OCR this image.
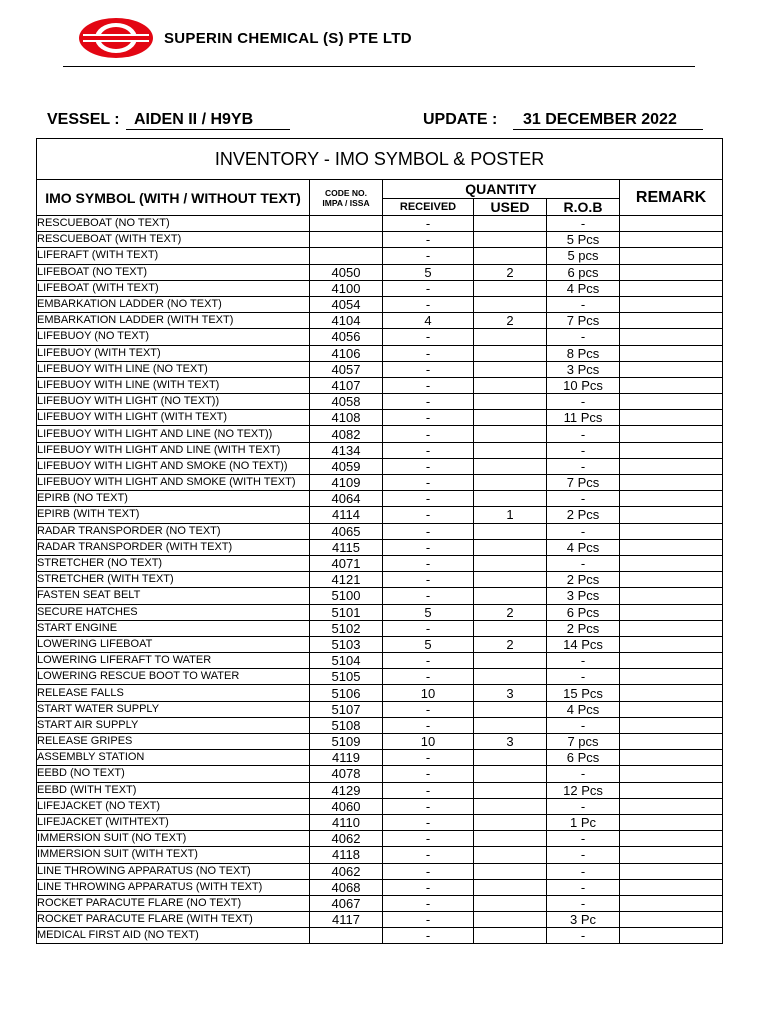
SUPERIN CHEMICAL (S) PTE LTD
VESSEL : AIDEN II / H9YB	UPDATE :	31 DECEMBER 2022
INVENTORY - IMO SYMBOL & POSTER					
IMO SYMBOL (WITH / WITHOUT TEXT)	CODE NO.
IMPA / ISSA	QUANTITY			REMARK
		RECEIVED	USED	R.O.B	
RESCUEBOAT (NO TEXT)		-		-	
RESCUEBOAT (WITH TEXT)		-		5 Pcs	
LIFERAFT (WITH TEXT)		-		5 pcs	
LIFEBOAT (NO TEXT)	4050	5	2	6 pcs	
LIFEBOAT (WITH TEXT)	4100	-		4 Pcs	
EMBARKATION LADDER (NO TEXT)	4054	-		-	
EMBARKATION LADDER (WITH TEXT)	4104	4	2	7 Pcs	
LIFEBUOY (NO TEXT)	4056	-		-	
LIFEBUOY (WITH TEXT)	4106	-		8 Pcs	
LIFEBUOY WITH LINE (NO TEXT)	4057	-		3 Pcs	
LIFEBUOY WITH LINE (WITH TEXT)	4107	-		10 Pcs	
LIFEBUOY WITH LIGHT (NO TEXT))	4058	-		-	
LIFEBUOY WITH LIGHT (WITH TEXT)	4108	-		11 Pcs	
LIFEBUOY WITH LIGHT AND LINE (NO TEXT))	4082	-		-	
LIFEBUOY WITH LIGHT AND LINE (WITH TEXT)	4134	-		-	
LIFEBUOY WITH LIGHT AND SMOKE (NO TEXT))	4059	-		-	
LIFEBUOY WITH LIGHT AND SMOKE (WITH TEXT)	4109	-		7 Pcs	
EPIRB (NO TEXT)	4064	-		-	
EPIRB (WITH TEXT)	4114	-	1	2 Pcs	
RADAR TRANSPORDER (NO TEXT)	4065	-		-	
RADAR TRANSPORDER (WITH TEXT)	4115	-		4 Pcs	
STRETCHER (NO TEXT)	4071	-		-	
STRETCHER (WITH TEXT)	4121	-		2 Pcs	
FASTEN SEAT BELT	5100	-		3 Pcs	
SECURE HATCHES	5101	5	2	6 Pcs	
START ENGINE	5102	-		2 Pcs	
LOWERING LIFEBOAT	5103	5	2	14 Pcs	
LOWERING LIFERAFT TO WATER	5104	-		-	
LOWERING RESCUE BOOT TO WATER	5105	-		-	
RELEASE FALLS	5106	10	3	15 Pcs	
START WATER SUPPLY	5107	-		4 Pcs	
START AIR SUPPLY	5108	-		-	
RELEASE GRIPES	5109	10	3	7 pcs	
ASSEMBLY STATION	4119	-		6 Pcs	
EEBD (NO TEXT)	4078	-		-	
EEBD (WITH TEXT)	4129	-		12 Pcs	
LIFEJACKET (NO TEXT)	4060	-		-	
LIFEJACKET (WITHTEXT)	4110	-		1 Pc	
IMMERSION SUIT (NO TEXT)	4062	-		-	
IMMERSION SUIT (WITH TEXT)	4118	-		-	
LINE THROWING APPARATUS (NO TEXT)	4062	-		-	
LINE THROWING APPARATUS (WITH TEXT)	4068	-		-	
ROCKET PARACUTE FLARE (NO TEXT)	4067	-		-	
ROCKET PARACUTE FLARE (WITH TEXT)	4117	-		3 Pc	
MEDICAL FIRST AID (NO TEXT)		-		-	
